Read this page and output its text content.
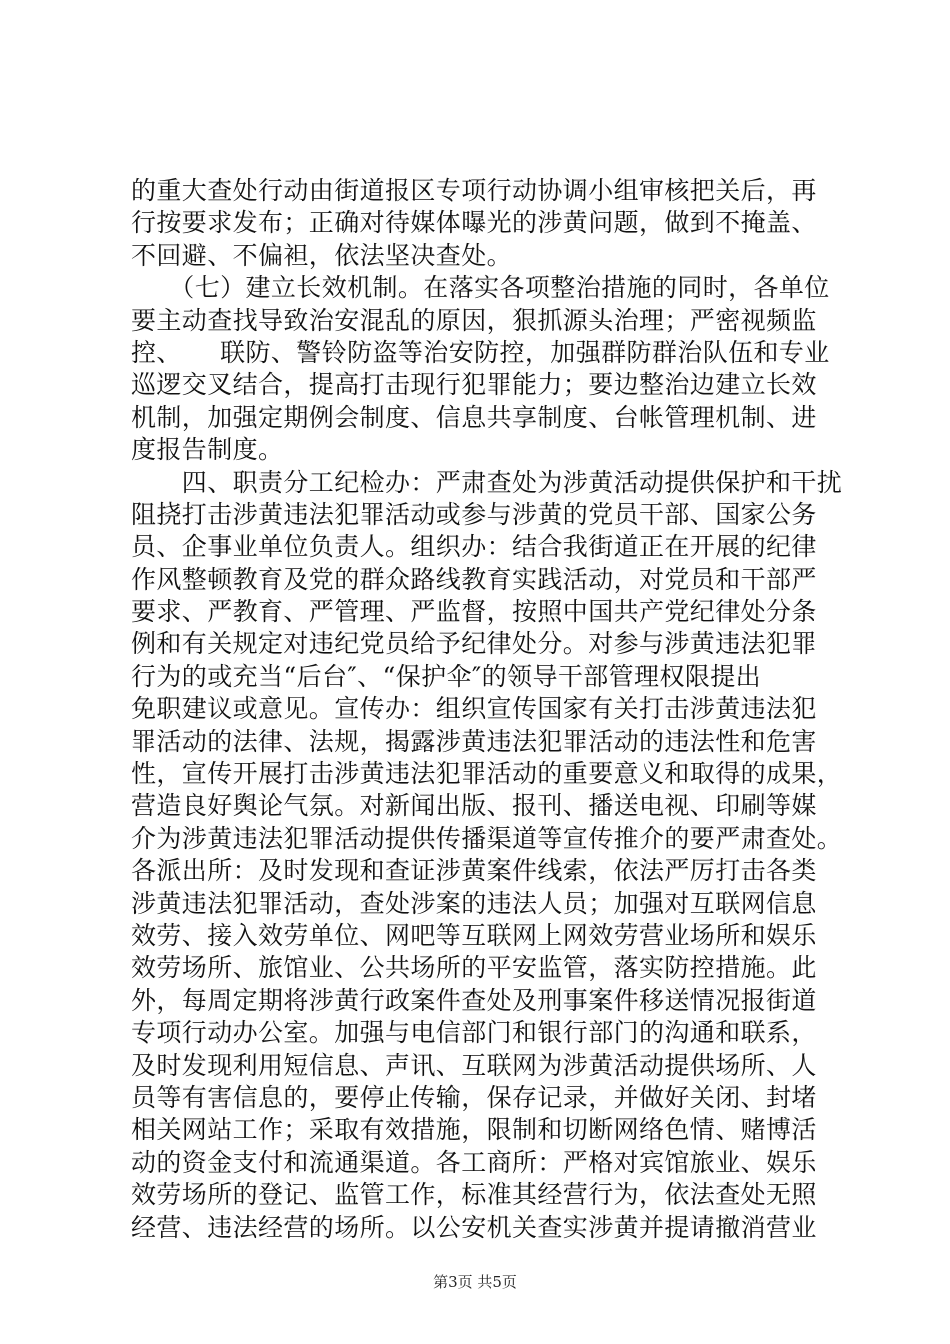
的重大查处行动由街道报区专项行动协调小组审核把关后，再
行按要求发布；正确对待媒体曝光的涉黄问题，做到不掩盖、
不回避、不偏袒，依法坚决查处。
　　（七）建立长效机制。在落实各项整治措施的同时，各单位
要主动查找导致治安混乱的原因，狠抓源头治理；严密视频监
控、　　联防、警铃防盗等治安防控，加强群防群治队伍和专业
巡逻交叉结合，提高打击现行犯罪能力；要边整治边建立长效
机制，加强定期例会制度、信息共享制度、台帐管理机制、进
度报告制度。
　　四、职责分工纪检办：严肃查处为涉黄活动提供保护和干扰
阻挠打击涉黄违法犯罪活动或参与涉黄的党员干部、国家公务
员、企事业单位负责人。组织办：结合我街道正在开展的纪律
作风整顿教育及党的群众路线教育实践活动，对党员和干部严
要求、严教育、严管理、严监督，按照中国共产党纪律处分条
例和有关规定对违纪党员给予纪律处分。对参与涉黄违法犯罪
行为的或充当“后台″、“保护伞″的领导干部管理权限提出
免职建议或意见。宣传办：组织宣传国家有关打击涉黄违法犯
罪活动的法律、法规，揭露涉黄违法犯罪活动的违法性和危害
性，宣传开展打击涉黄违法犯罪活动的重要意义和取得的成果，
营造良好舆论气氛。对新闻出版、报刊、播送电视、印刷等媒
介为涉黄违法犯罪活动提供传播渠道等宣传推介的要严肃查处。
各派出所：及时发现和查证涉黄案件线索，依法严厉打击各类
涉黄违法犯罪活动，查处涉案的违法人员；加强对互联网信息
效劳、接入效劳单位、网吧等互联网上网效劳营业场所和娱乐
效劳场所、旅馆业、公共场所的平安监管，落实防控措施。此
外，每周定期将涉黄行政案件查处及刑事案件移送情况报街道
专项行动办公室。加强与电信部门和银行部门的沟通和联系，
及时发现利用短信息、声讯、互联网为涉黄活动提供场所、人
员等有害信息的，要停止传输，保存记录，并做好关闭、封堵
相关网站工作；采取有效措施，限制和切断网络色情、赌博活
动的资金支付和流通渠道。各工商所：严格对宾馆旅业、娱乐
效劳场所的登记、监管工作，标准其经营行为，依法查处无照
经营、违法经营的场所。以公安机关查实涉黄并提请撤消营业
第3页 共5页
